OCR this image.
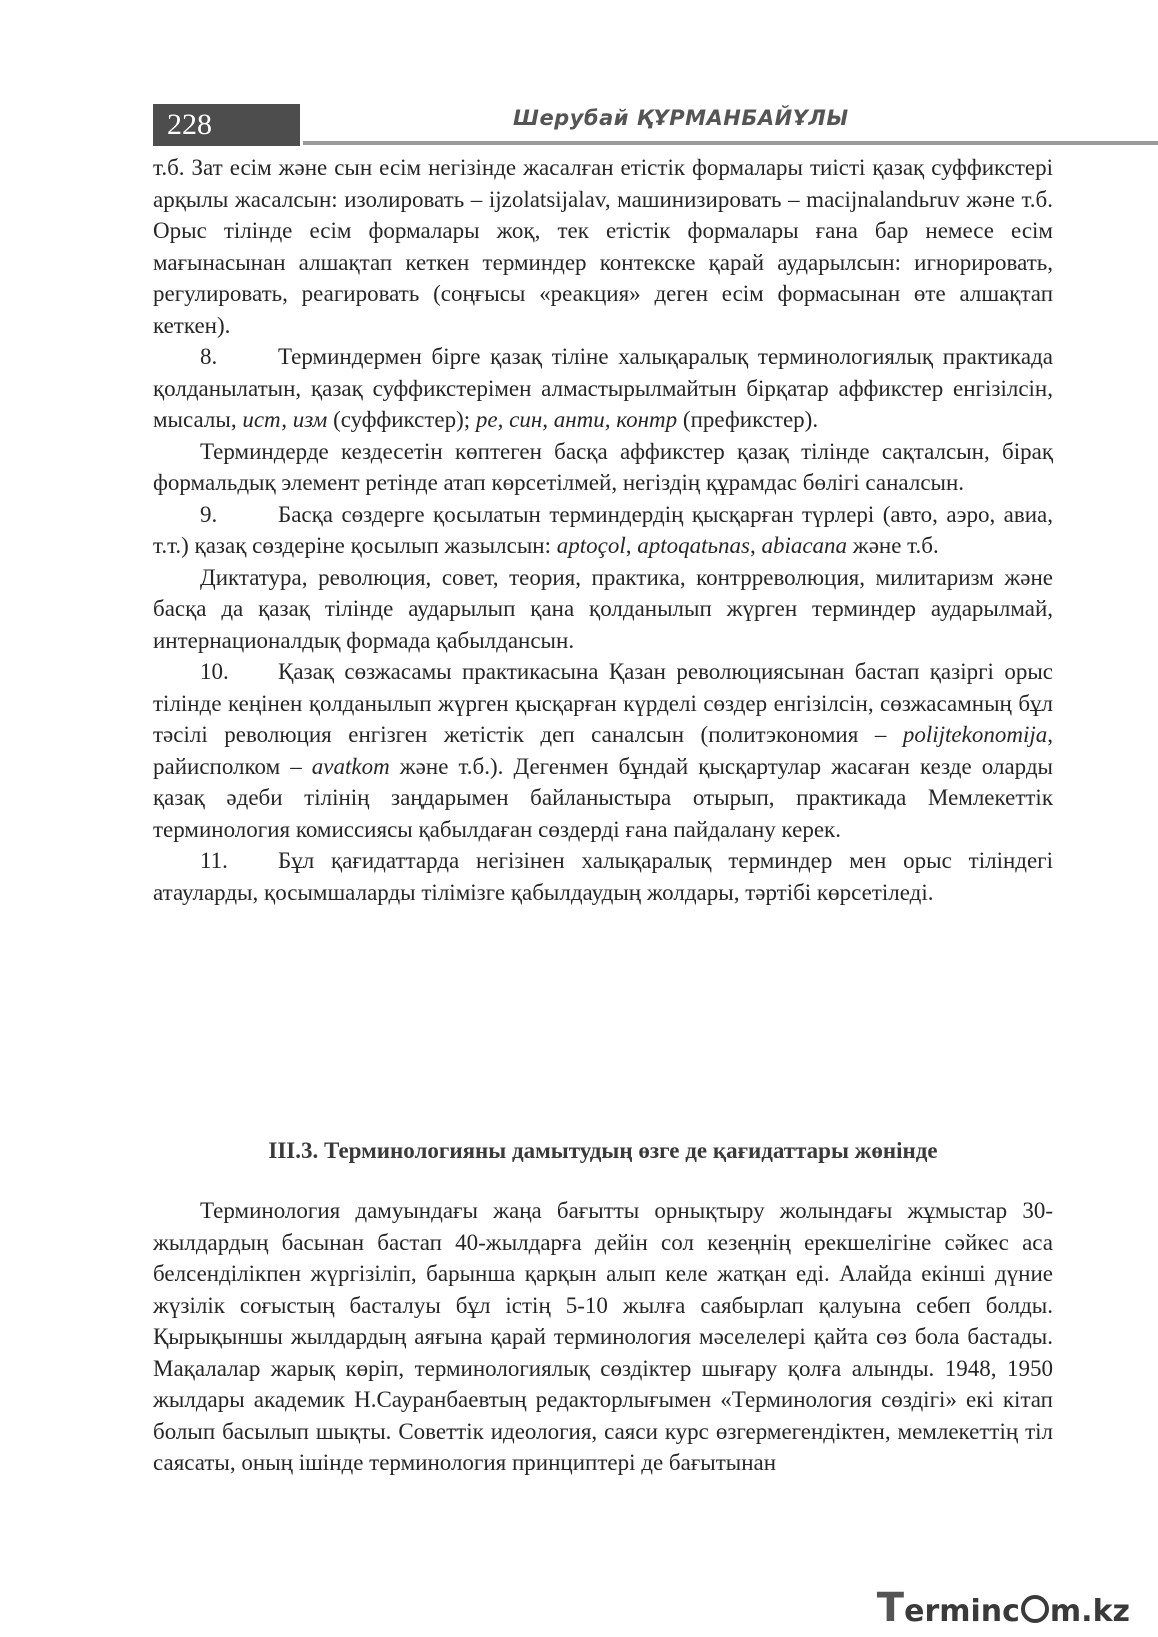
228	Шерубай ҚҰРМАНБАЙҰЛЫ

т.б. Зат есім және сын есім негізінде жасалған етістік формалары тиісті қазақ суффикстері арқылы жасалсын: изолировать – ijzolatsijalav, машинизировать – macijnalandьruv және т.б. Орыс тілінде есім формалары жоқ, тек етістік формалары ғана бар немесе есім мағынасынан алшақтап кеткен терминдер контекске қарай аударылсын: игнорировать, регулировать, реагировать (соңғысы «реакция» деген есім формасынан өте алшақтап кеткен).

8.	Терминдермен бірге қазақ тіліне халықаралық терминологиялық практикада қолданылатын, қазақ суффикстерімен алмастырылмайтын бірқатар аффикстер енгізілсін, мысалы, ист, изм (суффикстер); ре, син, анти, контр (префикстер).

Терминдерде кездесетін көптеген басқа аффикстер қазақ тілінде сақталсын, бірақ формальдық элемент ретінде атап көрсетілмей, негіздің құрамдас бөлігі саналсын.

9.	Басқа сөздерге қосылатын терминдердің қысқарған түрлері (авто, аэро, авиа, т.т.) қазақ сөздеріне қосылып жазылсын: aptoçol, aptoqatьnas, abiacana және т.б.

Диктатура, революция, совет, теория, практика, контрреволюция, милитаризм және басқа да қазақ тілінде аударылып қана қолданылып жүрген терминдер аударылмай, интернационалдық формада қабылдансын.

10. Қазақ сөзжасамы практикасына Қазан революциясынан бастап қазіргі орыс тілінде кеңінен қолданылып жүрген қысқарған күрделі сөздер енгізілсін, сөзжасамның бұл тәсілі революция енгізген жетістік деп саналсын (политэкономия – polijtekonomija, райисполком – avatkom және т.б.). Дегенмен бұндай қысқартулар жасаған кезде оларды қазақ әдеби тілінің заңдарымен байланыстыра отырып, практикада Мемлекеттік терминология комиссиясы қабылдаған сөздерді ғана пайдалану керек.

11. Бұл қағидаттарда негізінен халықаралық терминдер мен орыс тіліндегі атауларды, қосымшаларды тілімізге қабылдаудың жолдары, тәртібі көрсетіледі.

III.3. Терминологияны дамытудың өзге де қағидаттары жөнінде

Терминология дамуындағы жаңа бағытты орнықтыру жолындағы жұмыстар 30-жылдардың басынан бастап 40-жылдарға дейін сол кезеңнің ерекшелігіне сәйкес аса белсенділікпен жүргізіліп, барынша қарқын алып келе жатқан еді. Алайда екінші дүние жүзілік соғыстың басталуы бұл істің 5-10 жылға саябырлап қалуына себеп болды. Қырықыншы жылдардың аяғына қарай терминология мәселелері қайта сөз бола бастады. Мақалалар жарық көріп, терминологиялық сөздіктер шығару қолға алынды. 1948, 1950 жылдары академик Н.Сауранбаевтың редакторлығымен «Терминология сөздігі» екі кітап болып басылып шықты. Советтік идеология, саяси курс өзгермегендіктен, мемлекеттің тіл саясаты, оның ішінде терминология принциптері де бағытынан

Terminc m.kz
